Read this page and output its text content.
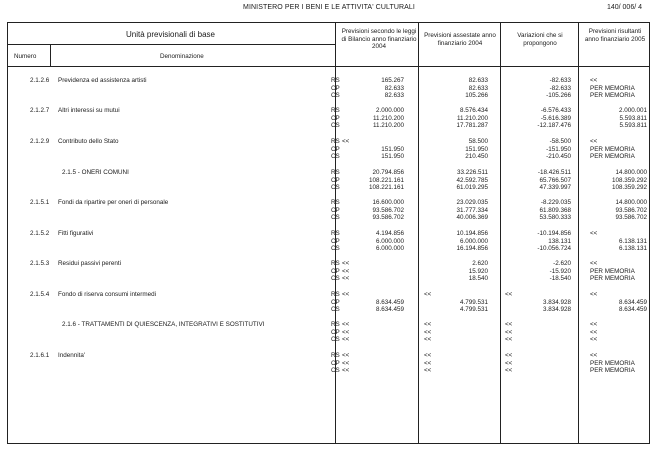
MINISTERO PER I BENI E LE ATTIVITA' CULTURALI	140/ 006/ 4
Unità previsionali di base
Numero	Denominazione
Previsioni secondo le leggi di Bilancio anno finanziario 2004
Previsioni assestate anno finanziario 2004
Variazioni che si propongono
Previsioni risultanti anno finanziario 2005
2.1.2.6 Previdenza ed assistenza artisti	RS	165.267	82.633	-82.633	<<
CP	82.633	82.633	-82.633	PER MEMORIA
CS	82.633	105.266	-105.266	PER MEMORIA
2.1.2.7 Altri interessi su mutui	RS	2.000.000	8.576.434	-6.576.433	2.000.001
CP	11.210.200	11.210.200	-5.616.389	5.593.811
CS	11.210.200	17.781.287	-12.187.476	5.593.811
2.1.2.9 Contributo dello Stato	RS <<	58.500	-58.500	<<
CP	151.950	151.950	-151.950	PER MEMORIA
CS	151.950	210.450	-210.450	PER MEMORIA
2.1.5 - ONERI COMUNI	RS	20.794.856	33.226.511	-18.426.511	14.800.000
CP	108.221.161	42.592.785	65.766.507	108.359.292
CS	108.221.161	61.019.295	47.339.997	108.359.292
2.1.5.1 Fondi da ripartire per oneri di personale	RS	16.600.000	23.029.035	-8.229.035	14.800.000
CP	93.586.702	31.777.334	61.809.368	93.586.702
CS	93.586.702	40.006.369	53.580.333	93.586.702
2.1.5.2 Fitti figurativi	RS	4.194.856	10.194.856	-10.194.856	<<
CP	6.000.000	6.000.000	138.131	6.138.131
CS	6.000.000	16.194.856	-10.056.724	6.138.131
2.1.5.3 Residui passivi perenti	RS <<	2.620	-2.620	<<
CP <<	15.920	-15.920	PER MEMORIA
CS <<	18.540	-18.540	PER MEMORIA
2.1.5.4 Fondo di riserva consumi intermedi	RS <<	<<	<<	<<
CP	8.634.459	4.799.531	3.834.928	8.634.459
CS	8.634.459	4.799.531	3.834.928	8.634.459
2.1.6 - TRATTAMENTI DI QUIESCENZA, INTEGRATIVI E SOSTITUTIVI	RS <<	<<	<<	<<
CP <<	<<	<<	<<
CS <<	<<	<<	<<
2.1.6.1 Indennita'	RS <<	<<	<<	<<
CP <<	<<	<<	PER MEMORIA
CS <<	<<	<<	PER MEMORIA
